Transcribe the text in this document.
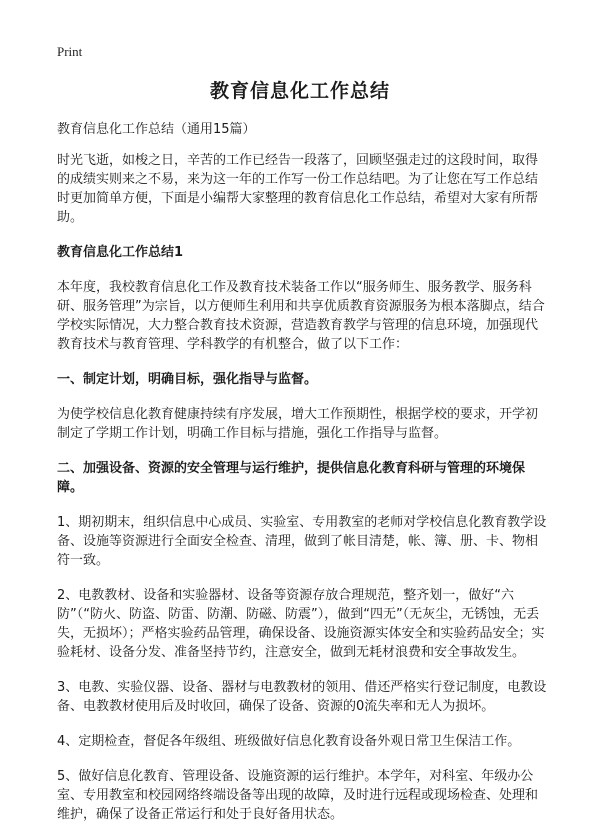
Print
教育信息化工作总结

教育信息化工作总结（通用15篇）

时光飞逝，如梭之日，辛苦的工作已经告一段落了，回顾坚强走过的这段时间，取得的成绩实则来之不易，来为这一年的工作写一份工作总结吧。为了让您在写工作总结时更加简单方便，下面是小编帮大家整理的教育信息化工作总结，希望对大家有所帮助。

教育信息化工作总结1

本年度，我校教育信息化工作及教育技术装备工作以“服务师生、服务教学、服务科研、服务管理”为宗旨，以方便师生利用和共享优质教育资源服务为根本落脚点，结合学校实际情况，大力整合教育技术资源，营造教育教学与管理的信息环境，加强现代教育技术与教育管理、学科教学的有机整合，做了以下工作：

一、制定计划，明确目标，强化指导与监督。

为使学校信息化教育健康持续有序发展，增大工作预期性，根据学校的要求，开学初制定了学期工作计划，明确工作目标与措施，强化工作指导与监督。

二、加强设备、资源的安全管理与运行维护，提供信息化教育科研与管理的环境保障。

1、期初期末，组织信息中心成员、实验室、专用教室的老师对学校信息化教育教学设备、设施等资源进行全面安全检查、清理，做到了帐目清楚，帐、簿、册、卡、物相符一致。

2、电教教材、设备和实验器材、设备等资源存放合理规范，整齐划一，做好“六防”（“防火、防盗、防雷、防潮、防磁、防震”），做到“四无”（无灰尘，无锈蚀，无丢失，无损坏）；严格实验药品管理，确保设备、设施资源实体安全和实验药品安全；实验耗材、设备分发、准备坚持节约，注意安全，做到无耗材浪费和安全事故发生。

3、电教、实验仪器、设备、器材与电教教材的领用、借还严格实行登记制度，电教设备、电教教材使用后及时收回，确保了设备、资源的0流失率和无人为损坏。

4、定期检查，督促各年级组、班级做好信息化教育设备外观日常卫生保洁工作。

5、做好信息化教育、管理设备、设施资源的运行维护。本学年，对科室、年级办公室、专用教室和校园网络终端设备等出现的故障，及时进行远程或现场检查、处理和维护，确保了设备正常运行和处于良好备用状态。
